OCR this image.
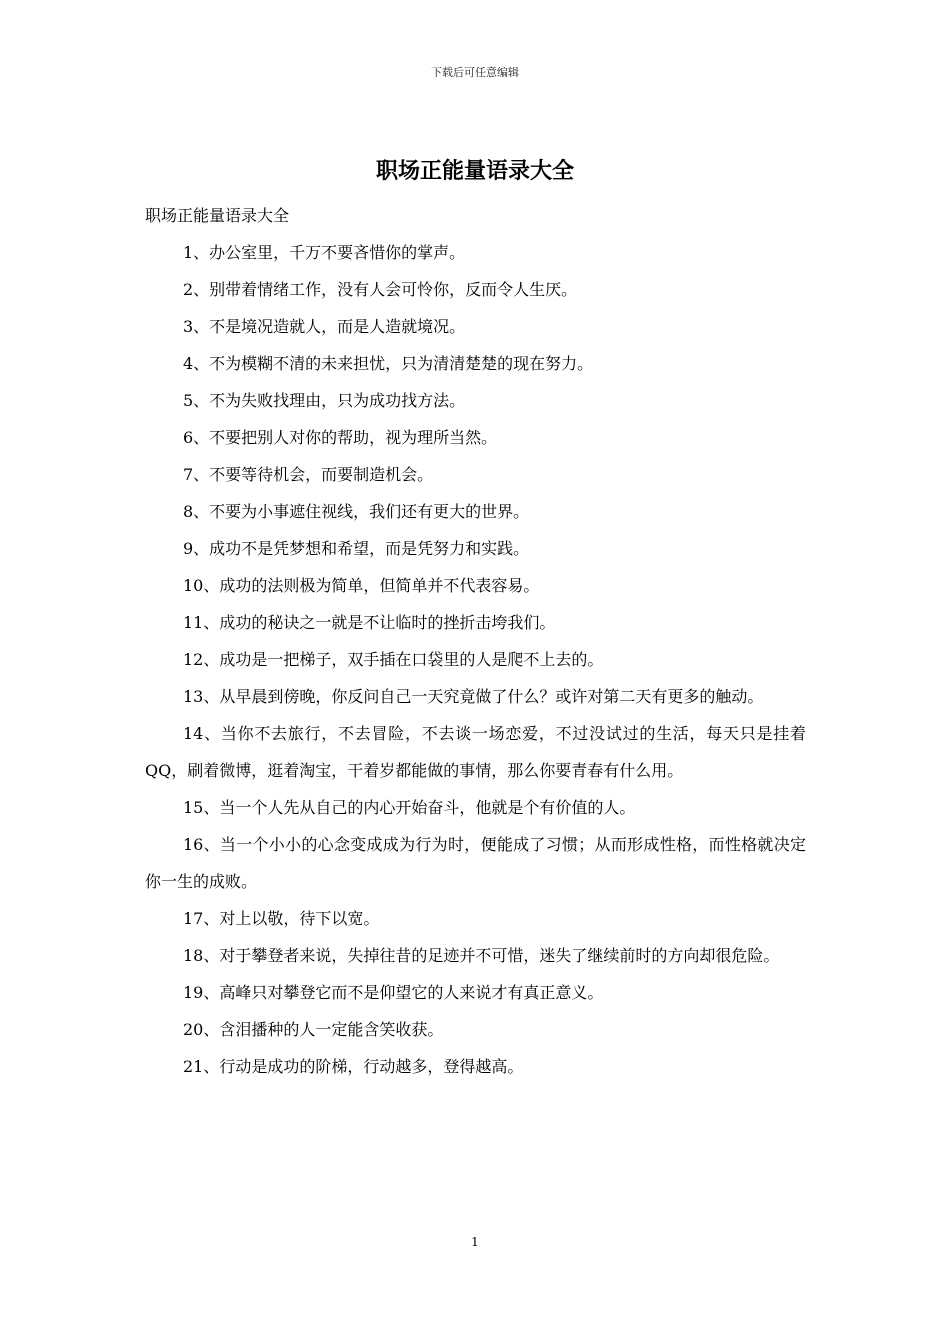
下载后可任意编辑
职场正能量语录大全

职场正能量语录大全

1、办公室里，千万不要吝惜你的掌声。

2、别带着情绪工作，没有人会可怜你，反而令人生厌。

3、不是境况造就人，而是人造就境况。

4、不为模糊不清的未来担忧，只为清清楚楚的现在努力。

5、不为失败找理由，只为成功找方法。

6、不要把别人对你的帮助，视为理所当然。

7、不要等待机会，而要制造机会。

8、不要为小事遮住视线，我们还有更大的世界。

9、成功不是凭梦想和希望，而是凭努力和实践。

10、成功的法则极为简单，但简单并不代表容易。

11、成功的秘诀之一就是不让临时的挫折击垮我们。

12、成功是一把梯子，双手插在口袋里的人是爬不上去的。

13、从早晨到傍晚，你反问自己一天究竟做了什么？或许对第二天有更多的触动。

14、当你不去旅行，不去冒险，不去谈一场恋爱，不过没试过的生活，每天只是挂着QQ，刷着微博，逛着淘宝，干着岁都能做的事情，那么你要青春有什么用。

15、当一个人先从自己的内心开始奋斗，他就是个有价值的人。

16、当一个小小的心念变成成为行为时，便能成了习惯；从而形成性格，而性格就决定你一生的成败。

17、对上以敬，待下以宽。

18、对于攀登者来说，失掉往昔的足迹并不可惜，迷失了继续前时的方向却很危险。

19、高峰只对攀登它而不是仰望它的人来说才有真正意义。

20、含泪播种的人一定能含笑收获。

21、行动是成功的阶梯，行动越多，登得越高。

1
